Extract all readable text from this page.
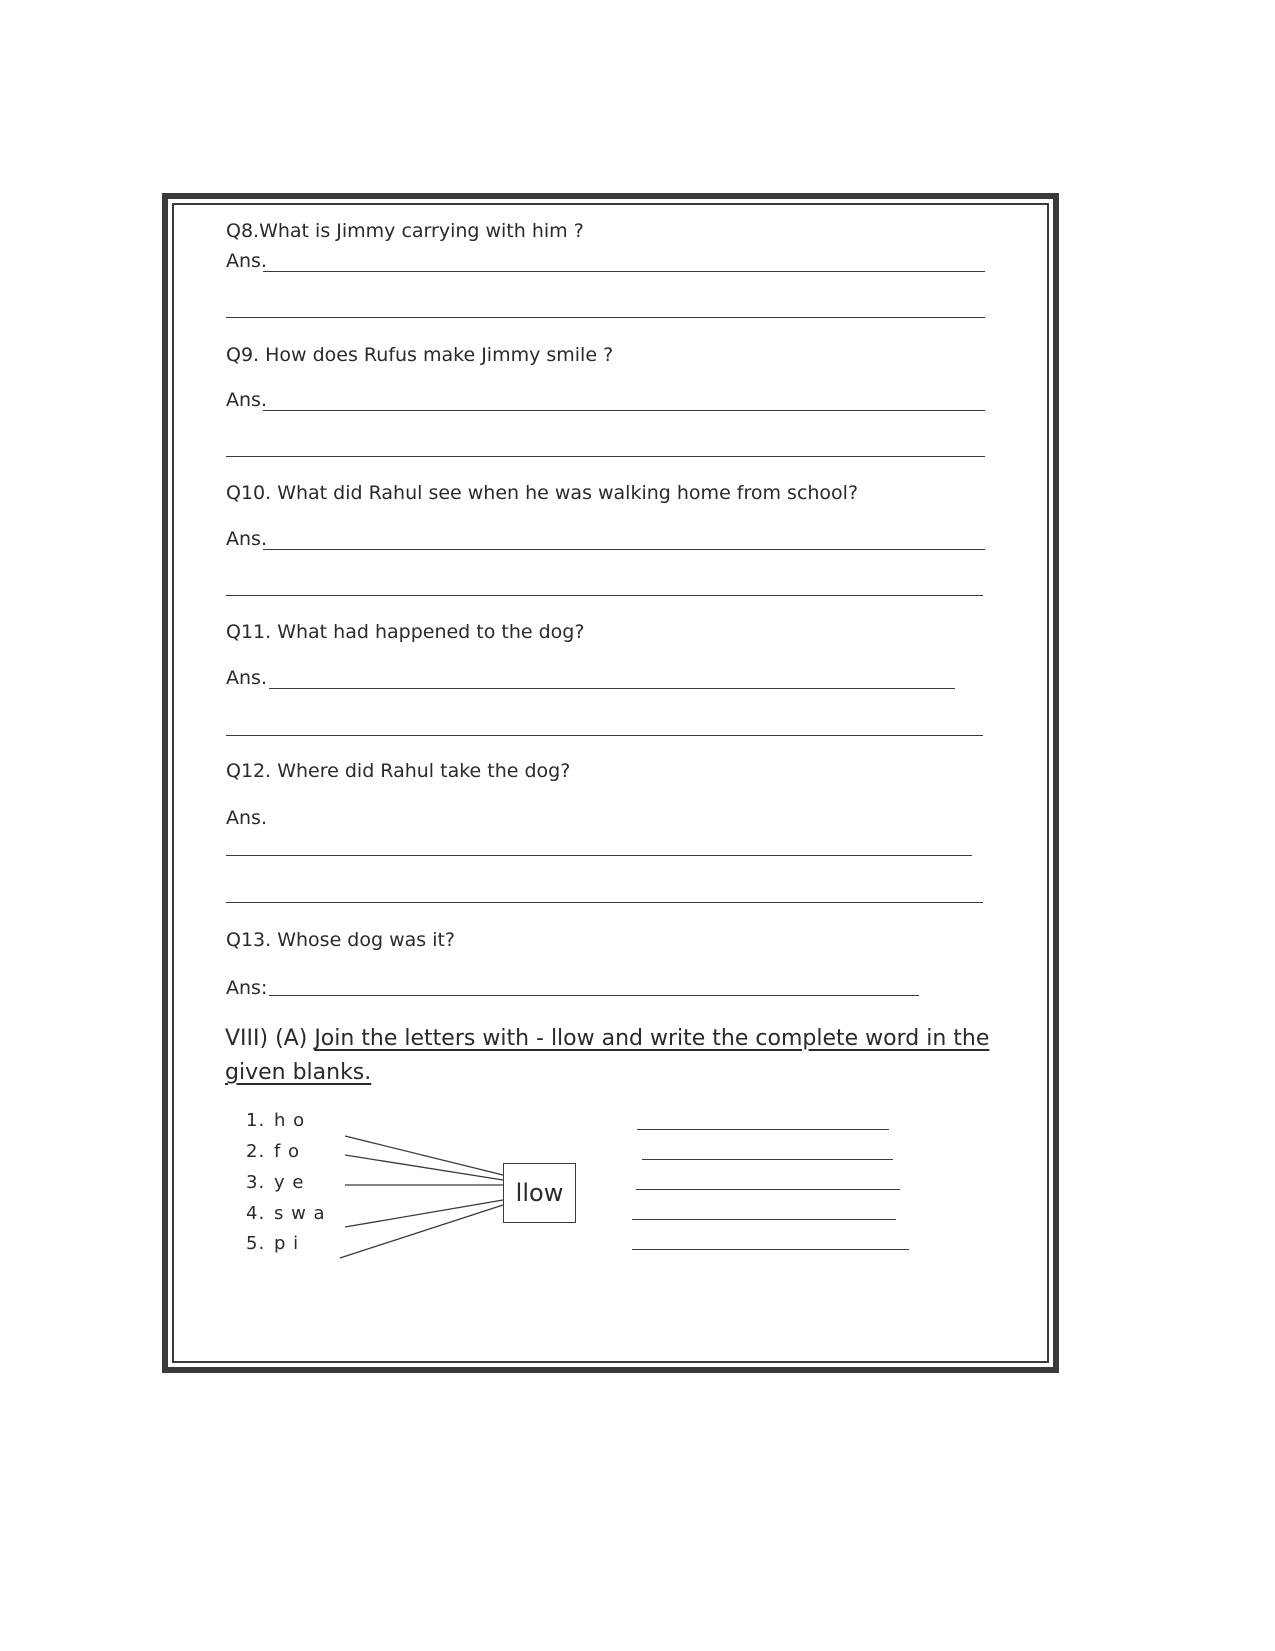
Q8.What is Jimmy carrying with him ?
Ans.
Q9. How does Rufus make Jimmy smile ?
Ans.
Q10. What did Rahul see when he was walking home from school?
Ans.
Q11. What had happened to the dog?
Ans.
Q12. Where did Rahul take the dog?
Ans.
Q13. Whose dog was it?
Ans:
VIII) (A) Join the letters with - llow and write the complete word in the given blanks.
1. h o
2. f o
3. y e
4. s w a
5. p i
llow
